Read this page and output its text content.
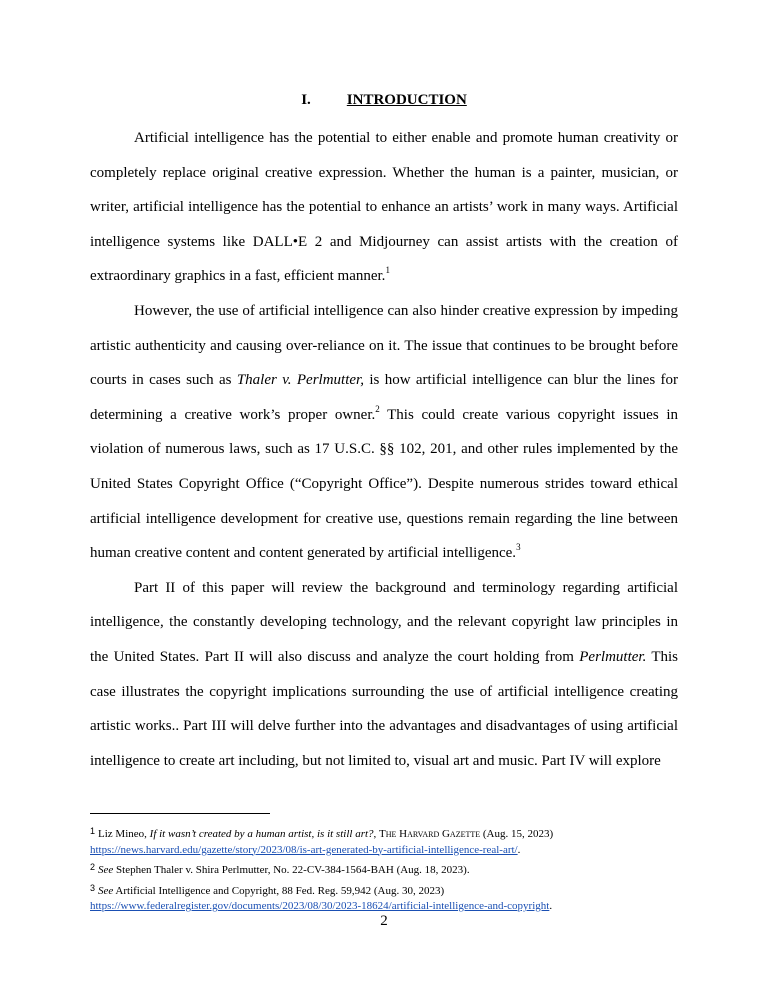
I. INTRODUCTION

Artificial intelligence has the potential to either enable and promote human creativity or completely replace original creative expression. Whether the human is a painter, musician, or writer, artificial intelligence has the potential to enhance an artists’ work in many ways. Artificial intelligence systems like DALL•E 2 and Midjourney can assist artists with the creation of extraordinary graphics in a fast, efficient manner.$^1$

However, the use of artificial intelligence can also hinder creative expression by impeding artistic authenticity and causing over-reliance on it. The issue that continues to be brought before courts in cases such as Thaler v. Perlmutter, is how artificial intelligence can blur the lines for determining a creative work’s proper owner.$^2$ This could create various copyright issues in violation of numerous laws, such as 17 U.S.C. §§ 102, 201, and other rules implemented by the United States Copyright Office (“Copyright Office”). Despite numerous strides toward ethical artificial intelligence development for creative use, questions remain regarding the line between human creative content and content generated by artificial intelligence.$^3$

Part II of this paper will review the background and terminology regarding artificial intelligence, the constantly developing technology, and the relevant copyright law principles in the United States. Part II will also discuss and analyze the court holding from Perlmutter. This case illustrates the copyright implications surrounding the use of artificial intelligence creating artistic works.. Part III will delve further into the advantages and disadvantages of using artificial intelligence to create art including, but not limited to, visual art and music. Part IV will explore

$^1$ Liz Mineo, If it wasn’t created by a human artist, is it still art?, The Harvard Gazette (Aug. 15, 2023)
https://news.harvard.edu/gazette/story/2023/08/is-art-generated-by-artificial-intelligence-real-art/.
$^2$ See Stephen Thaler v. Shira Perlmutter, No. 22-CV-384-1564-BAH (Aug. 18, 2023).
$^3$ See Artificial Intelligence and Copyright, 88 Fed. Reg. 59,942 (Aug. 30, 2023)
https://www.federalregister.gov/documents/2023/08/30/2023-18624/artificial-intelligence-and-copyright.
2
